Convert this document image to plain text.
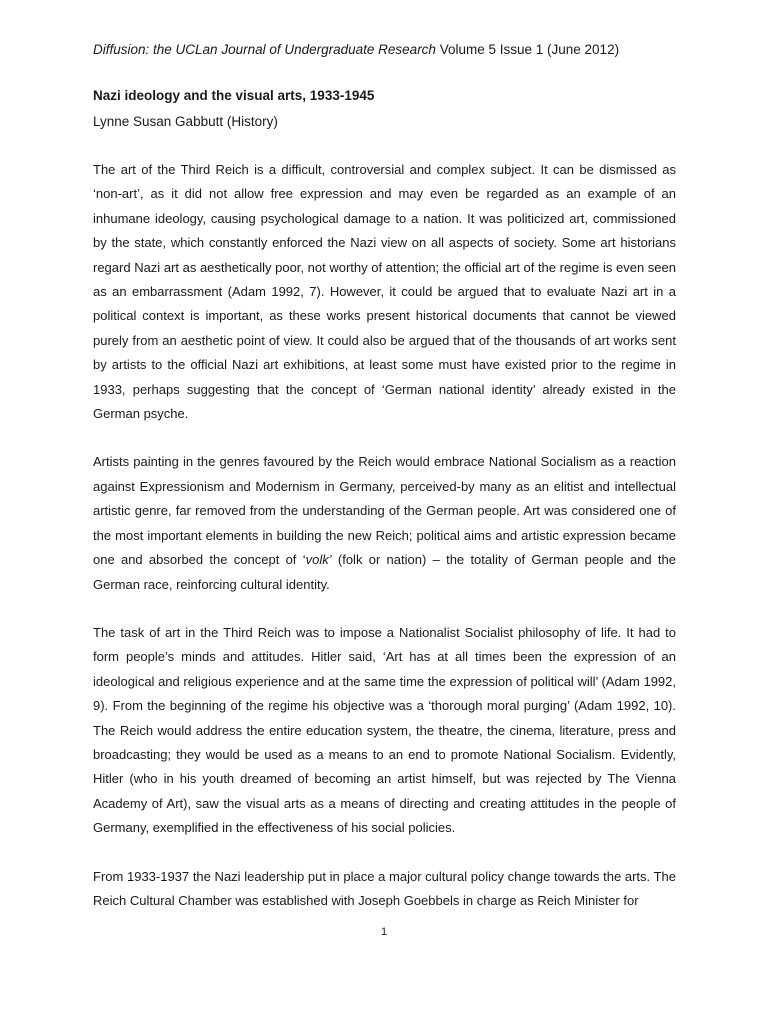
Diffusion: the UCLan Journal of Undergraduate Research Volume 5 Issue 1 (June 2012)
Nazi ideology and the visual arts, 1933-1945
Lynne Susan Gabbutt (History)

The art of the Third Reich is a difficult, controversial and complex subject. It can be dismissed as ‘non-art’, as it did not allow free expression and may even be regarded as an example of an inhumane ideology, causing psychological damage to a nation. It was politicized art, commissioned by the state, which constantly enforced the Nazi view on all aspects of society. Some art historians regard Nazi art as aesthetically poor, not worthy of attention; the official art of the regime is even seen as an embarrassment (Adam 1992, 7). However, it could be argued that to evaluate Nazi art in a political context is important, as these works present historical documents that cannot be viewed purely from an aesthetic point of view. It could also be argued that of the thousands of art works sent by artists to the official Nazi art exhibitions, at least some must have existed prior to the regime in 1933, perhaps suggesting that the concept of ‘German national identity’ already existed in the German psyche.

Artists painting in the genres favoured by the Reich would embrace National Socialism as a reaction against Expressionism and Modernism in Germany, perceived-by many as an elitist and intellectual artistic genre, far removed from the understanding of the German people. Art was considered one of the most important elements in building the new Reich; political aims and artistic expression became one and absorbed the concept of ‘volk’ (folk or nation) – the totality of German people and the German race, reinforcing cultural identity.

The task of art in the Third Reich was to impose a Nationalist Socialist philosophy of life. It had to form people’s minds and attitudes. Hitler said, ‘Art has at all times been the expression of an ideological and religious experience and at the same time the expression of political will’ (Adam 1992, 9). From the beginning of the regime his objective was a ‘thorough moral purging’ (Adam 1992, 10). The Reich would address the entire education system, the theatre, the cinema, literature, press and broadcasting; they would be used as a means to an end to promote National Socialism. Evidently, Hitler (who in his youth dreamed of becoming an artist himself, but was rejected by The Vienna Academy of Art), saw the visual arts as a means of directing and creating attitudes in the people of Germany, exemplified in the effectiveness of his social policies.

From 1933-1937 the Nazi leadership put in place a major cultural policy change towards the arts. The Reich Cultural Chamber was established with Joseph Goebbels in charge as Reich Minister for

1
